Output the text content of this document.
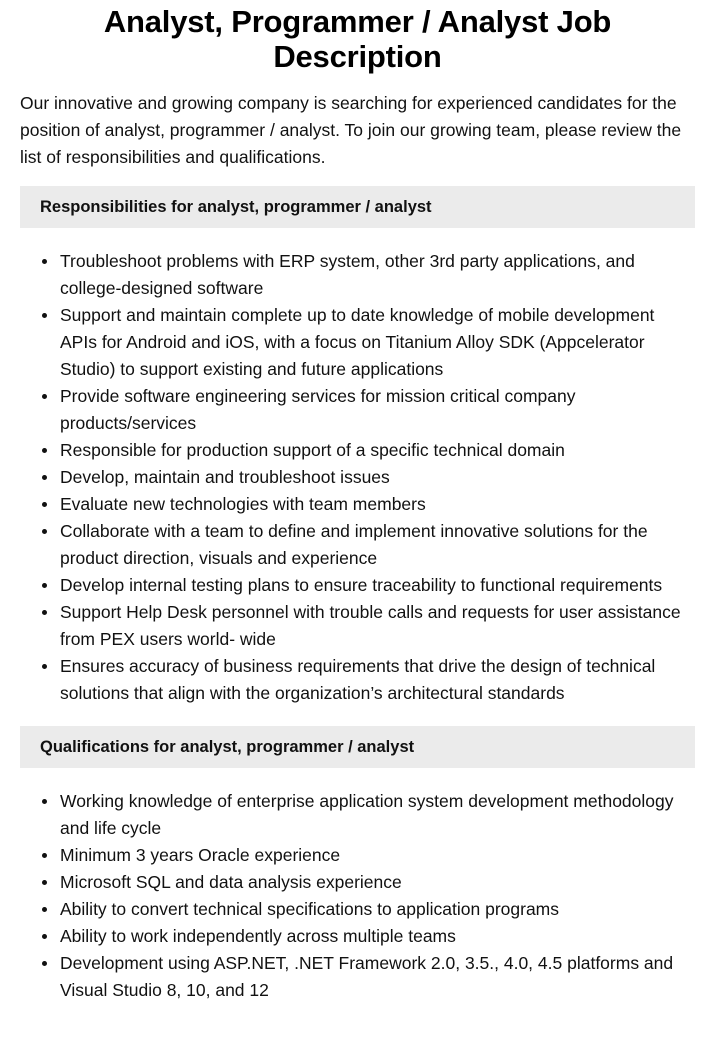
Analyst, Programmer / Analyst Job Description

Our innovative and growing company is searching for experienced candidates for the position of analyst, programmer / analyst. To join our growing team, please review the list of responsibilities and qualifications.

Responsibilities for analyst, programmer / analyst
Troubleshoot problems with ERP system, other 3rd party applications, and college-designed software
Support and maintain complete up to date knowledge of mobile development APIs for Android and iOS, with a focus on Titanium Alloy SDK (Appcelerator Studio) to support existing and future applications
Provide software engineering services for mission critical company products/services
Responsible for production support of a specific technical domain
Develop, maintain and troubleshoot issues
Evaluate new technologies with team members
Collaborate with a team to define and implement innovative solutions for the product direction, visuals and experience
Develop internal testing plans to ensure traceability to functional requirements
Support Help Desk personnel with trouble calls and requests for user assistance from PEX users world- wide
Ensures accuracy of business requirements that drive the design of technical solutions that align with the organization’s architectural standards
Qualifications for analyst, programmer / analyst
Working knowledge of enterprise application system development methodology and life cycle
Minimum 3 years Oracle experience
Microsoft SQL and data analysis experience
Ability to convert technical specifications to application programs
Ability to work independently across multiple teams
Development using ASP.NET, .NET Framework 2.0, 3.5., 4.0, 4.5 platforms and Visual Studio 8, 10, and 12
